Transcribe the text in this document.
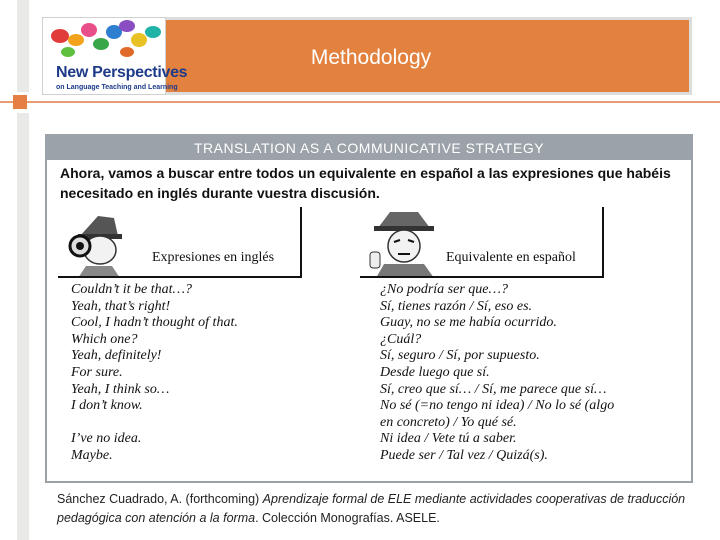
New Perspectives
on Language Teaching and Learning
Methodology
TRANSLATION AS A COMMUNICATIVE STRATEGY
Ahora, vamos a buscar entre todos un equivalente en español a las expresiones que habéis necesitado en inglés durante vuestra discusión.
Expresiones en inglés	Equivalente en español
Couldn’t it be that…?
Yeah, that’s right!
Cool, I hadn’t thought of that.
Which one?
Yeah, definitely!
For sure.
Yeah, I think so…
I don’t know.

I’ve no idea.
Maybe.
¿No podría ser que…?
Sí, tienes razón / Sí, eso es.
Guay, no se me había ocurrido.
¿Cuál?
Sí, seguro / Sí, por supuesto.
Desde luego que sí.
Sí, creo que sí… / Sí, me parece que sí…
No sé (=no tengo ni idea) / No lo sé (algo
en concreto) / Yo qué sé.
Ni idea / Vete tú a saber.
Puede ser / Tal vez / Quizá(s).
Sánchez Cuadrado, A. (forthcoming) Aprendizaje formal de ELE mediante actividades cooperativas de traducción pedagógica con atención a la forma. Colección Monografías. ASELE.
